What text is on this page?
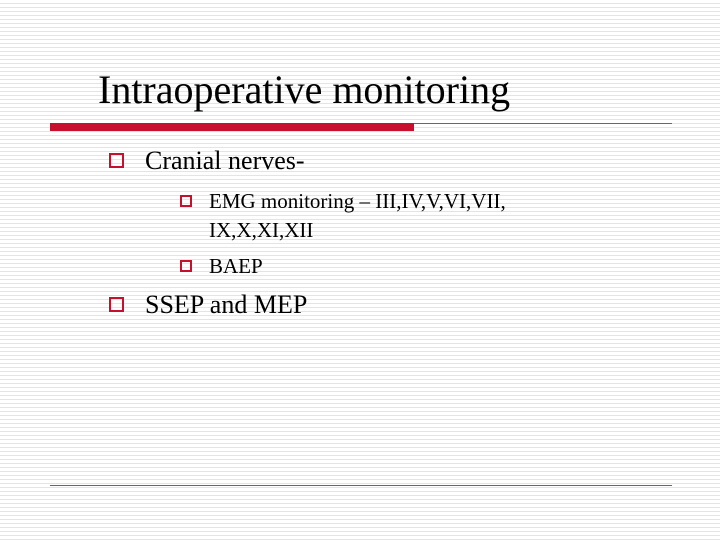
Intraoperative monitoring
Cranial nerves-
EMG monitoring – III,IV,V,VI,VII,
IX,X,XI,XII
BAEP
SSEP and MEP
